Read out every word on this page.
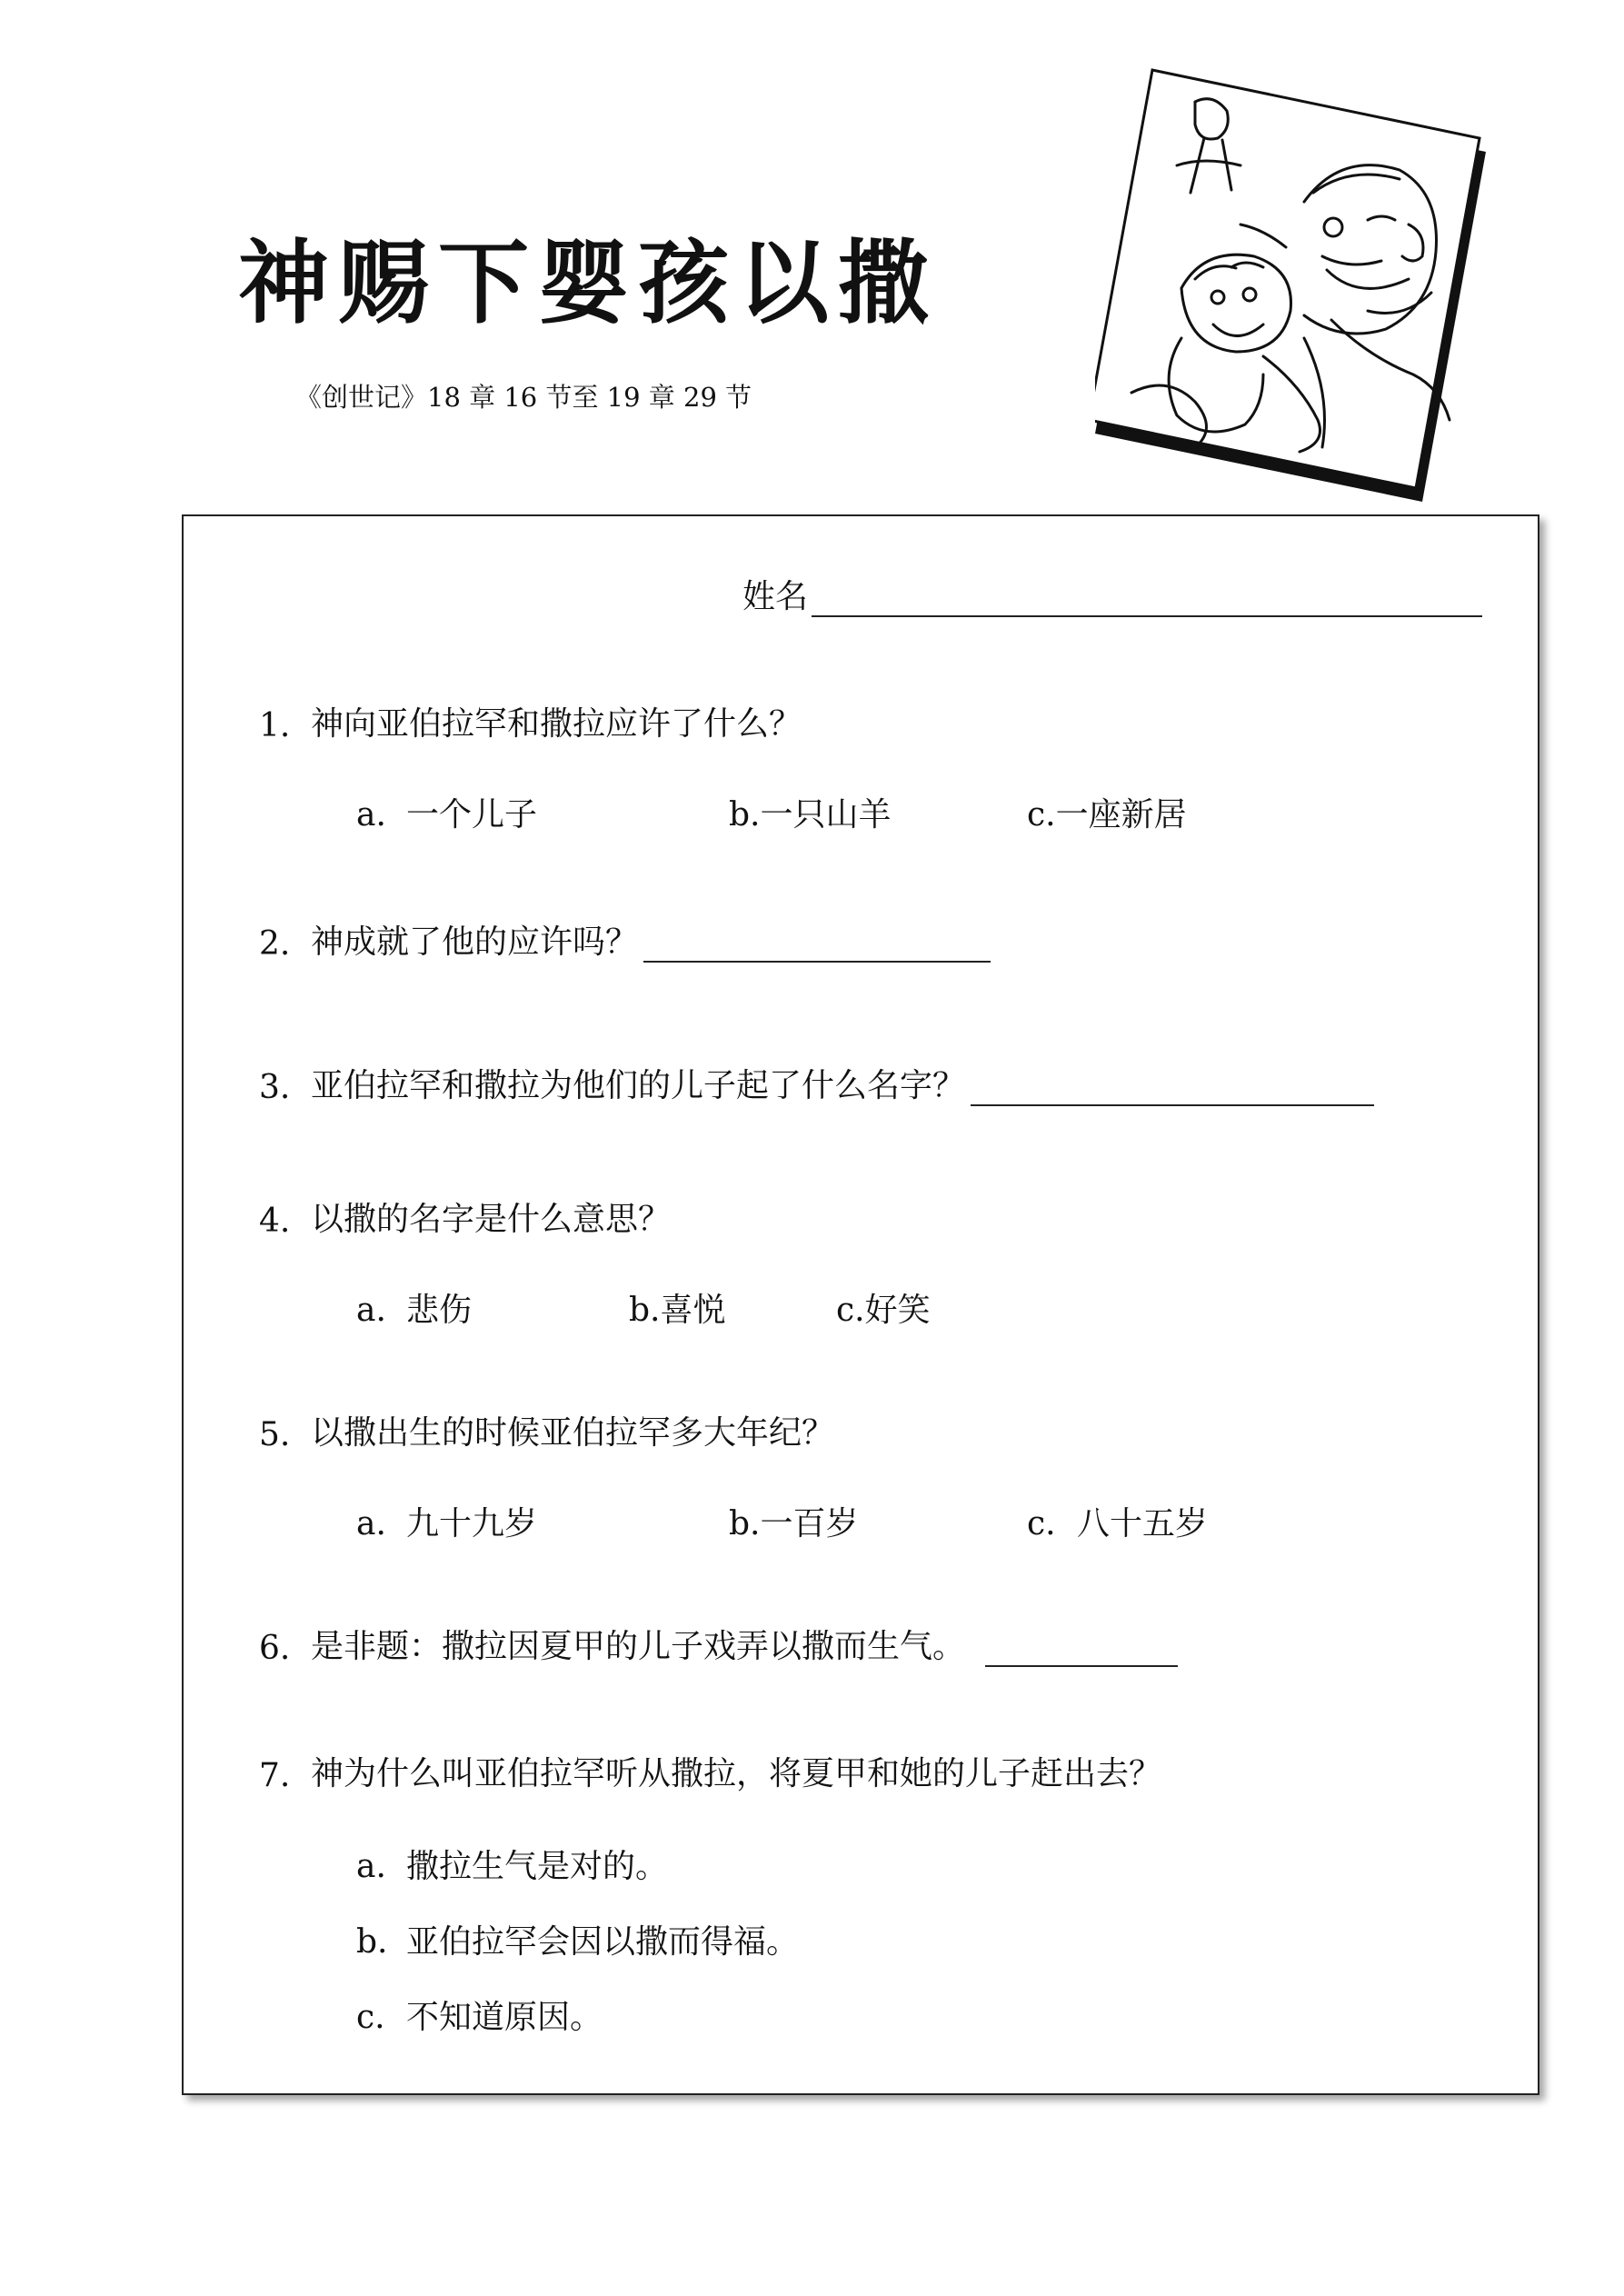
神赐下婴孩以撒
《创世记》18 章 16 节至 19 章 29 节
姓名
1. 神向亚伯拉罕和撒拉应许了什么？
a. 一个儿子	b.一只山羊	c.一座新居
2. 神成就了他的应许吗？
3. 亚伯拉罕和撒拉为他们的儿子起了什么名字？
4. 以撒的名字是什么意思？
a. 悲伤	b.喜悦	c.好笑
5. 以撒出生的时候亚伯拉罕多大年纪？
a. 九十九岁	b.一百岁	c. 八十五岁
6. 是非题：撒拉因夏甲的儿子戏弄以撒而生气。
7. 神为什么叫亚伯拉罕听从撒拉，将夏甲和她的儿子赶出去？
a. 撒拉生气是对的。
b. 亚伯拉罕会因以撒而得福。
c. 不知道原因。
